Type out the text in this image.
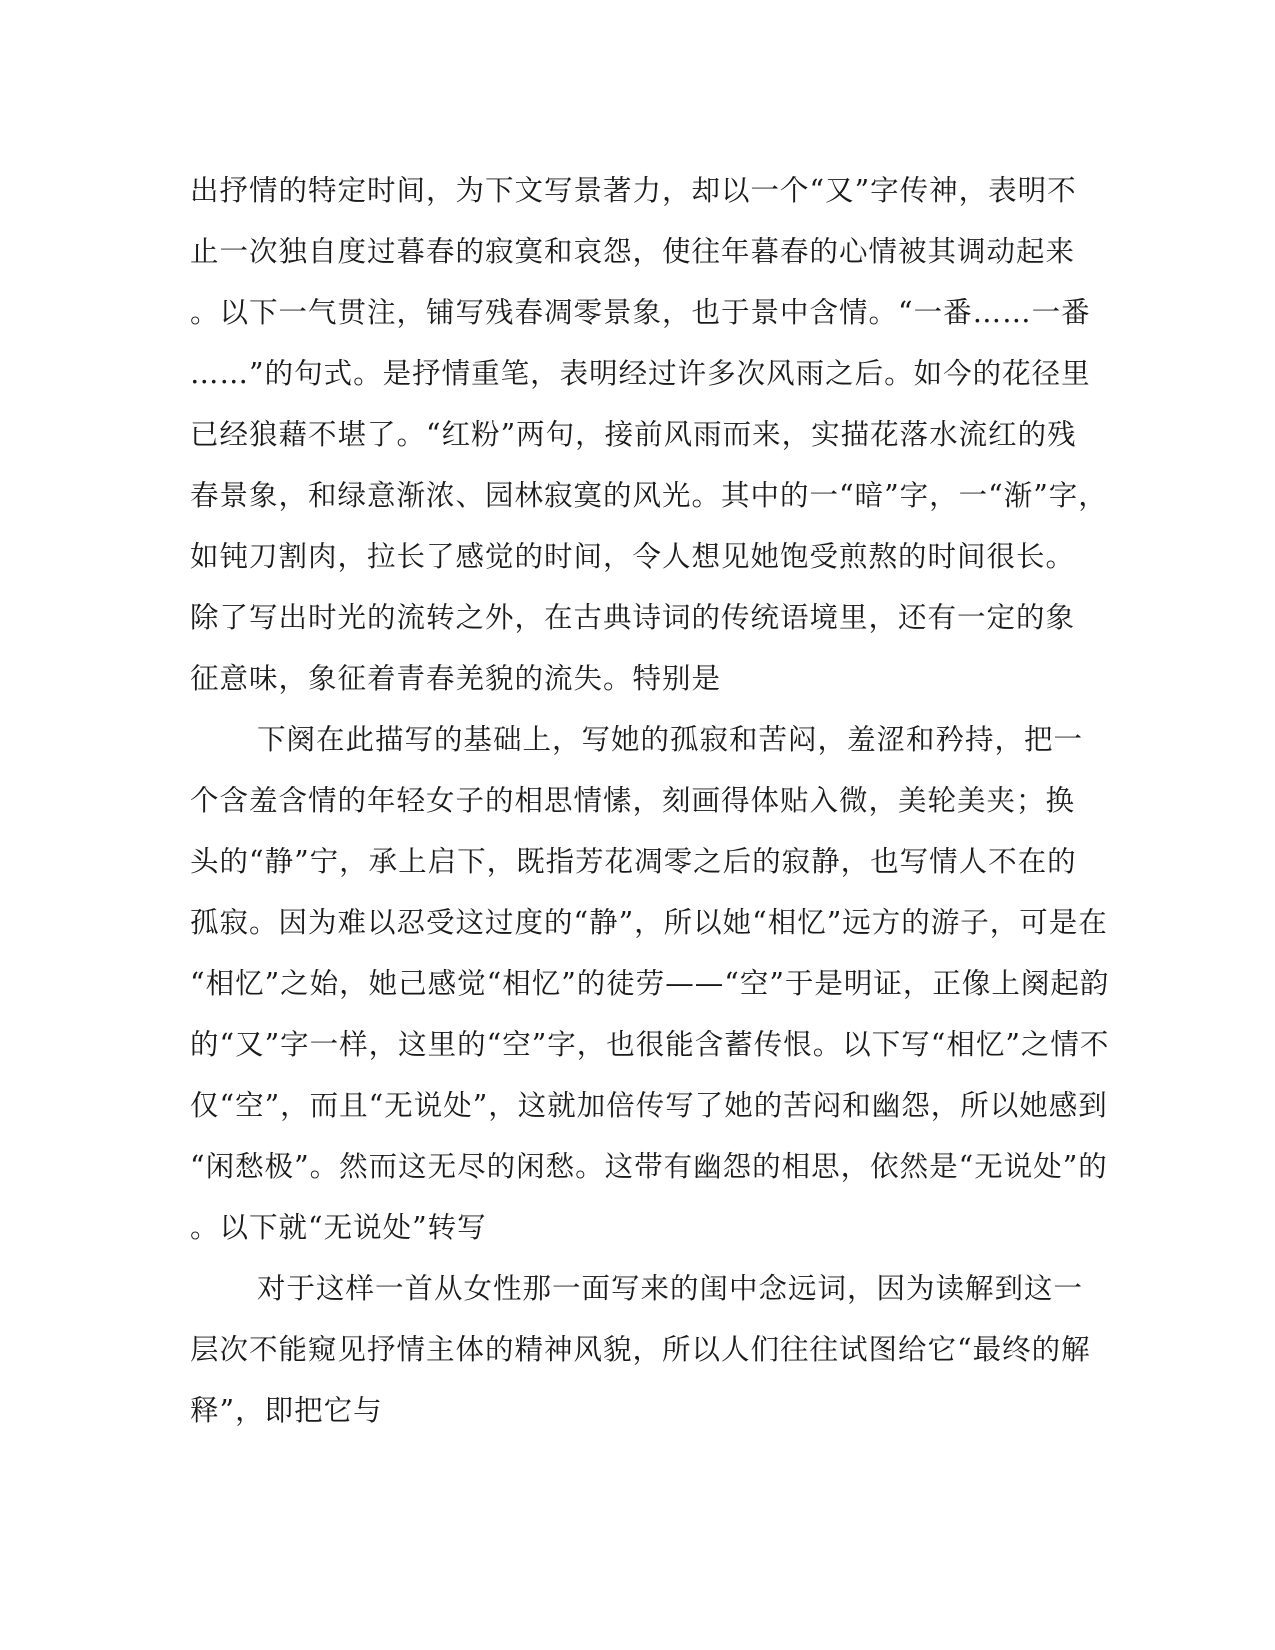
出抒情的特定时间，为下文写景著力，却以一个“又”字传神，表明不
止一次独自度过暮春的寂寞和哀怨，使往年暮春的心情被其调动起来
。以下一气贯注，铺写残春凋零景象，也于景中含情。“一番……一番
……”的句式。是抒情重笔，表明经过许多次风雨之后。如今的花径里
已经狼藉不堪了。“红粉”两句，接前风雨而来，实描花落水流红的残
春景象，和绿意渐浓、园林寂寞的风光。其中的一“暗”字，一“渐”字，
如钝刀割肉，拉长了感觉的时间，令人想见她饱受煎熬的时间很长。
除了写出时光的流转之外，在古典诗词的传统语境里，还有一定的象
征意味，象征着青春羌貌的流失。特别是
下阕在此描写的基础上，写她的孤寂和苦闷，羞涩和矜持，把一
个含羞含情的年轻女子的相思情愫，刻画得体贴入微，美轮美夹；换
头的“静”宁，承上启下，既指芳花凋零之后的寂静，也写情人不在的
孤寂。因为难以忍受这过度的“静”，所以她“相忆”远方的游子，可是在
“相忆”之始，她己感觉“相忆”的徒劳——“空”于是明证，正像上阕起韵
的“又”字一样，这里的“空”字，也很能含蓄传恨。以下写“相忆”之情不
仅“空”，而且“无说处”，这就加倍传写了她的苦闷和幽怨，所以她感到
“闲愁极”。然而这无尽的闲愁。这带有幽怨的相思，依然是“无说处”的
。以下就“无说处”转写
对于这样一首从女性那一面写来的闺中念远词，因为读解到这一
层次不能窥见抒情主体的精神风貌，所以人们往往试图给它“最终的解
释”，即把它与
